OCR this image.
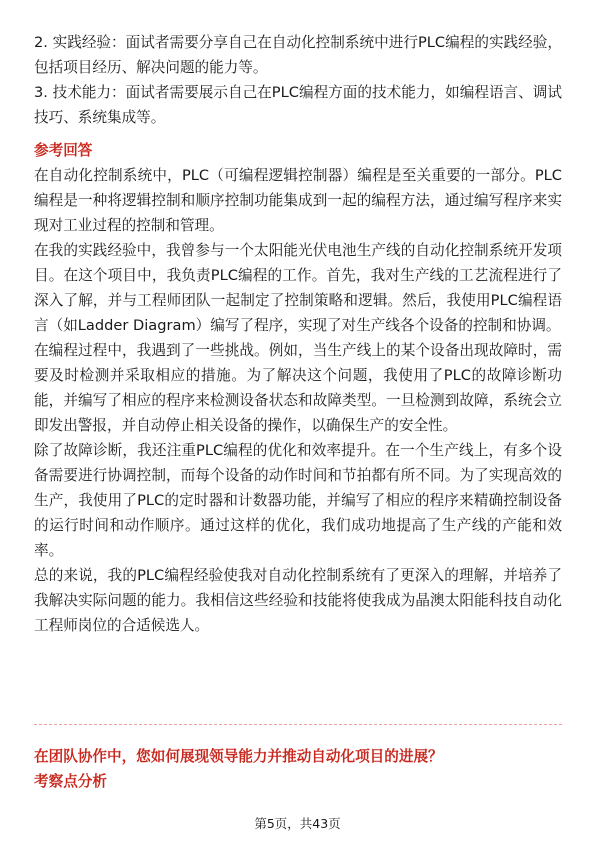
2. 实践经验：面试者需要分享自己在自动化控制系统中进行PLC编程的实践经验，包括项目经历、解决问题的能力等。

3. 技术能力：面试者需要展示自己在PLC编程方面的技术能力，如编程语言、调试技巧、系统集成等。

参考回答

在自动化控制系统中，PLC（可编程逻辑控制器）编程是至关重要的一部分。PLC编程是一种将逻辑控制和顺序控制功能集成到一起的编程方法，通过编写程序来实现对工业过程的控制和管理。

在我的实践经验中，我曾参与一个太阳能光伏电池生产线的自动化控制系统开发项目。在这个项目中，我负责PLC编程的工作。首先，我对生产线的工艺流程进行了深入了解，并与工程师团队一起制定了控制策略和逻辑。然后，我使用PLC编程语言（如Ladder Diagram）编写了程序，实现了对生产线各个设备的控制和协调。

在编程过程中，我遇到了一些挑战。例如，当生产线上的某个设备出现故障时，需要及时检测并采取相应的措施。为了解决这个问题，我使用了PLC的故障诊断功能，并编写了相应的程序来检测设备状态和故障类型。一旦检测到故障，系统会立即发出警报，并自动停止相关设备的操作，以确保生产的安全性。

除了故障诊断，我还注重PLC编程的优化和效率提升。在一个生产线上，有多个设备需要进行协调控制，而每个设备的动作时间和节拍都有所不同。为了实现高效的生产，我使用了PLC的定时器和计数器功能，并编写了相应的程序来精确控制设备的运行时间和动作顺序。通过这样的优化，我们成功地提高了生产线的产能和效率。

总的来说，我的PLC编程经验使我对自动化控制系统有了更深入的理解，并培养了我解决实际问题的能力。我相信这些经验和技能将使我成为晶澳太阳能科技自动化工程师岗位的合适候选人。

在团队协作中，您如何展现领导能力并推动自动化项目的进展？

考察点分析

第5页，共43页
